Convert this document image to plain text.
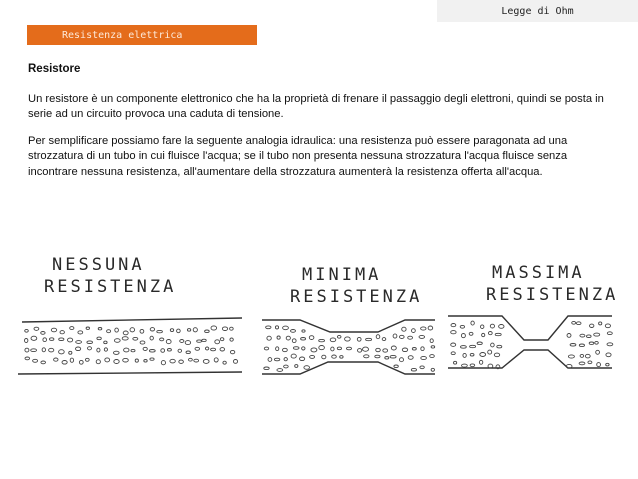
Legge di Ohm
Resistenza elettrica
Resistore

Un resistore è un componente elettronico che ha la proprietà di frenare il passaggio degli elettroni, quindi se posta in serie ad un circuito provoca una caduta di tensione.

Per semplificare possiamo fare la seguente analogia idraulica: una resistenza può essere paragonata ad una strozzatura di un tubo in cui fluisce l'acqua; se il tubo non presenta nessuna strozzatura l'acqua fluisce senza incontrare nessuna resistenza, all'aumentare della strozzatura aumenterà la resistenza offerta all'acqua.

NESSUNA
RESISTENZA
MINIMA
RESISTENZA
MASSIMA
RESISTENZA
